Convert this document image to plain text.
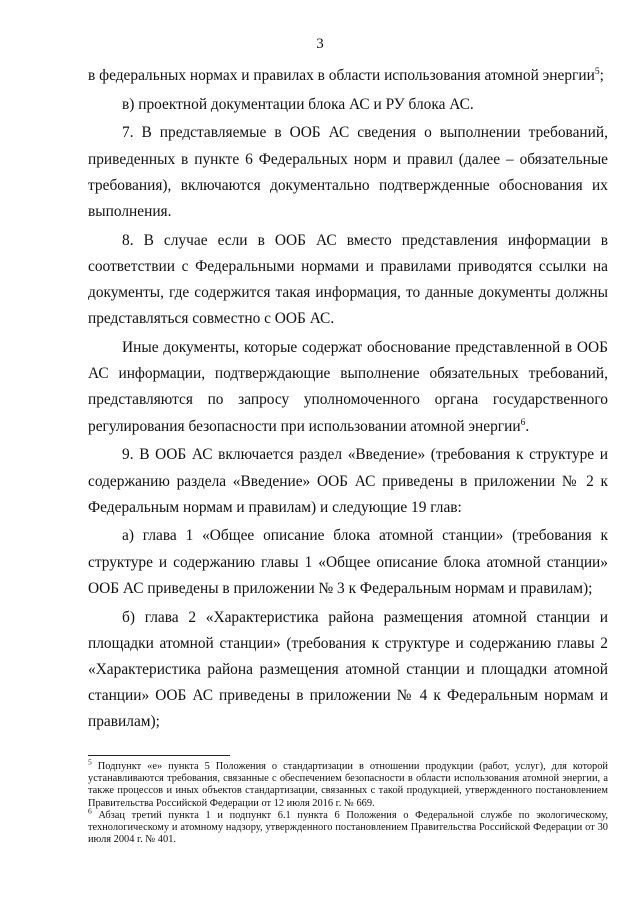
3

в федеральных нормах и правилах в области использования атомной энергии$^5$;

в) проектной документации блока АС и РУ блока АС.

7. В представляемые в ООБ АС сведения о выполнении требований, приведенных в пункте 6 Федеральных норм и правил (далее – обязательные требования), включаются документально подтвержденные обоснования их выполнения.

8. В случае если в ООБ АС вместо представления информации в соответствии с Федеральными нормами и правилами приводятся ссылки на документы, где содержится такая информация, то данные документы должны представляться совместно с ООБ АС.

Иные документы, которые содержат обоснование представленной в ООБ АС информации, подтверждающие выполнение обязательных требований, представляются по запросу уполномоченного органа государственного регулирования безопасности при использовании атомной энергии$^6$.

9. В ООБ АС включается раздел «Введение» (требования к структуре и содержанию раздела «Введение» ООБ АС приведены в приложении № 2 к Федеральным нормам и правилам) и следующие 19 глав:

а) глава 1 «Общее описание блока атомной станции» (требования к структуре и содержанию главы 1 «Общее описание блока атомной станции» ООБ АС приведены в приложении № 3 к Федеральным нормам и правилам);

б) глава 2 «Характеристика района размещения атомной станции и площадки атомной станции» (требования к структуре и содержанию главы 2 «Характеристика района размещения атомной станции и площадки атомной станции» ООБ АС приведены в приложении № 4 к Федеральным нормам и правилам);

$^5$ Подпункт «е» пункта 5 Положения о стандартизации в отношении продукции (работ, услуг), для которой устанавливаются требования, связанные с обеспечением безопасности в области использования атомной энергии, а также процессов и иных объектов стандартизации, связанных с такой продукцией, утвержденного постановлением Правительства Российской Федерации от 12 июля 2016 г. № 669.

$^6$ Абзац третий пункта 1 и подпункт 6.1 пункта 6 Положения о Федеральной службе по экологическому, технологическому и атомному надзору, утвержденного постановлением Правительства Российской Федерации от 30 июля 2004 г. № 401.
